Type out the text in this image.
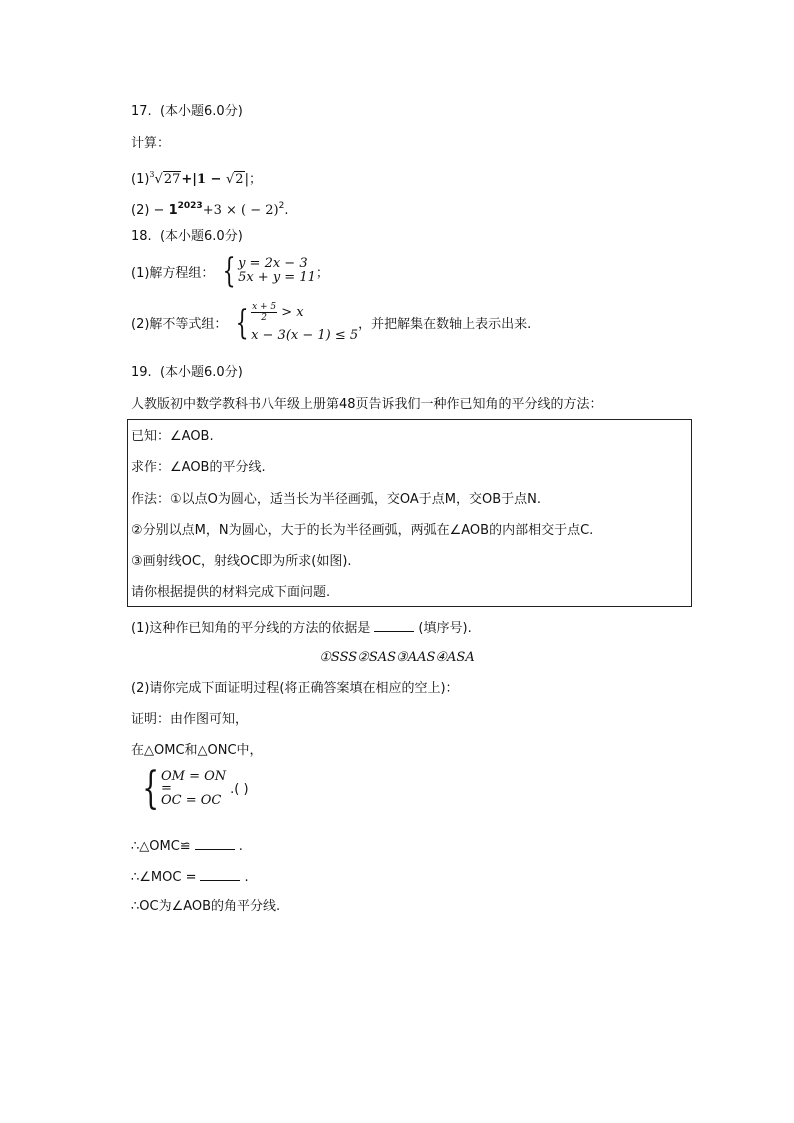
17. (本小题6.0分)
计算：
$(1)^3√27+|1 - √2|$；
$(2) - 1^{2023}+3$ × ( − 2)$^2$.
18. (本小题6.0分)
(1)解方程组： { y = 2x − 3
5x + y = 11 ；
(2)解不等式组： { $\frac{x + 5}{2} > x$
x − 3(x − 1) ≤ 5
，并把解集在数轴上表示出来.
19. (本小题6.0分)
人教版初中数学教科书八年级上册第48页告诉我们一种作已知角的平分线的方法：
已知：∠AOB.
求作：∠AOB的平分线.
作法：①以点O为圆心，适当长为半径画弧，交OA于点M，交OB于点N.
②分别以点M，N为圆心，大于的长为半径画弧，两弧在∠AOB的内部相交于点C.
③画射线OC，射线OC即为所求(如图).
请你根据提供的材料完成下面问题.
(1)这种作已知角的平分线的方法的依据是	(填序号).
①SSS②SAS③AAS④ASA
(2)请你完成下面证明过程(将正确答案填在相应的空上)：
证明：由作图可知，
在△OMC和△ONC中，
{ OM = ON
=
OC = OC
.( )
∴△OMC≌	.
∴∠MOC =	.
∴OC为∠AOB的角平分线.
